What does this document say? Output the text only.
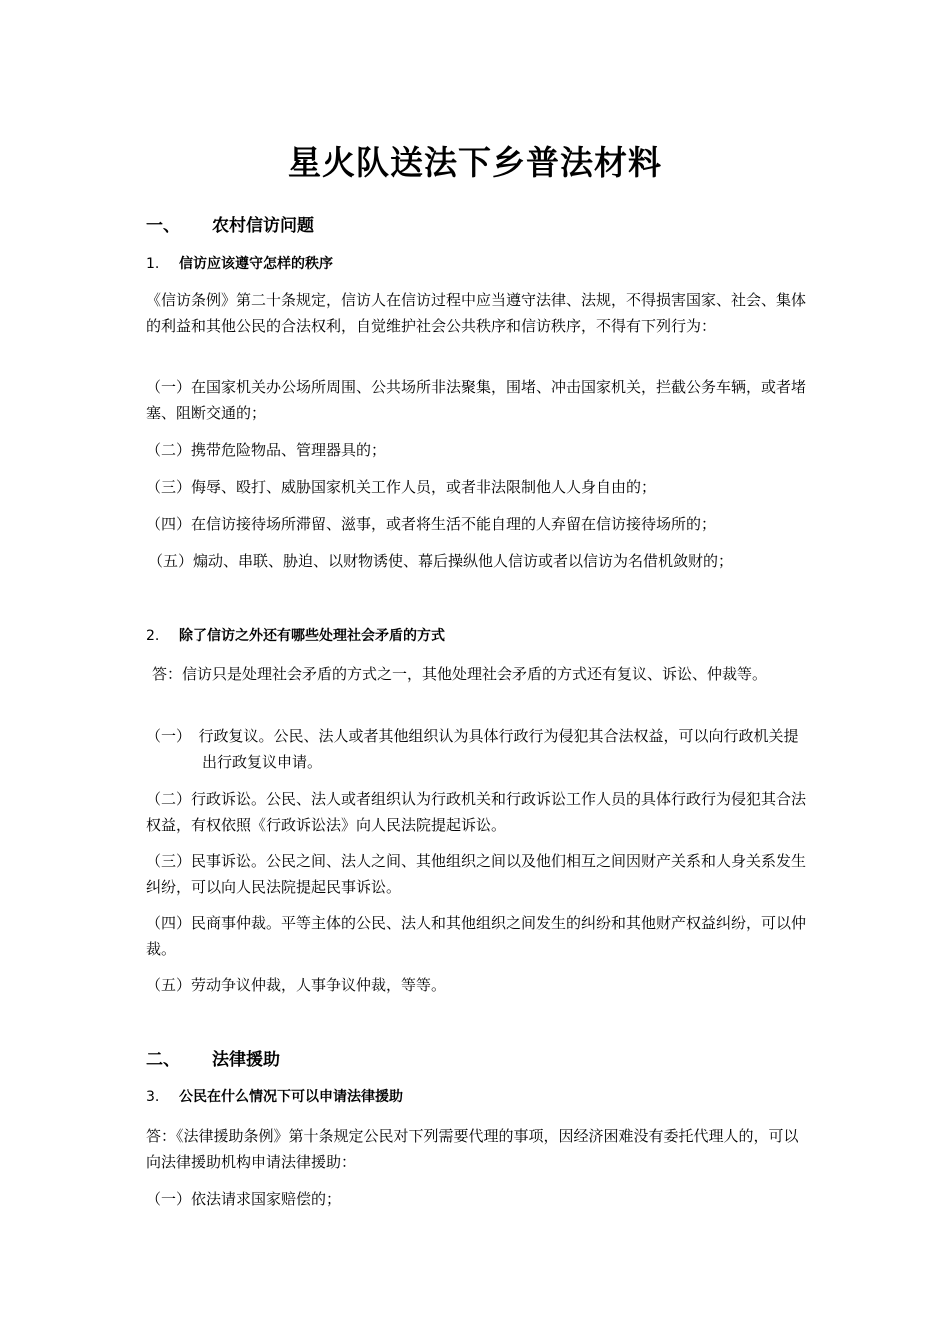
星火队送法下乡普法材料
一、 农村信访问题
1. 信访应该遵守怎样的秩序
《信访条例》第二十条规定，信访人在信访过程中应当遵守法律、法规，不得损害国家、社会、集体的利益和其他公民的合法权利，自觉维护社会公共秩序和信访秩序，不得有下列行为：
（一）在国家机关办公场所周围、公共场所非法聚集，围堵、冲击国家机关，拦截公务车辆，或者堵塞、阻断交通的；
（二）携带危险物品、管理器具的；
（三）侮辱、殴打、威胁国家机关工作人员，或者非法限制他人人身自由的；
（四）在信访接待场所滞留、滋事，或者将生活不能自理的人弃留在信访接待场所的；
（五）煽动、串联、胁迫、以财物诱使、幕后操纵他人信访或者以信访为名借机敛财的；
2. 除了信访之外还有哪些处理社会矛盾的方式
答：信访只是处理社会矛盾的方式之一，其他处理社会矛盾的方式还有复议、诉讼、仲裁等。
（一）　行政复议。公民、法人或者其他组织认为具体行政行为侵犯其合法权益，可以向行政机关提出行政复议申请。
（二）行政诉讼。公民、法人或者组织认为行政机关和行政诉讼工作人员的具体行政行为侵犯其合法权益，有权依照《行政诉讼法》向人民法院提起诉讼。
（三）民事诉讼。公民之间、法人之间、其他组织之间以及他们相互之间因财产关系和人身关系发生纠纷，可以向人民法院提起民事诉讼。
（四）民商事仲裁。平等主体的公民、法人和其他组织之间发生的纠纷和其他财产权益纠纷，可以仲裁。
（五）劳动争议仲裁，人事争议仲裁，等等。
二、 法律援助
3. 公民在什么情况下可以申请法律援助
答：《法律援助条例》第十条规定公民对下列需要代理的事项，因经济困难没有委托代理人的，可以向法律援助机构申请法律援助：
（一）依法请求国家赔偿的；
